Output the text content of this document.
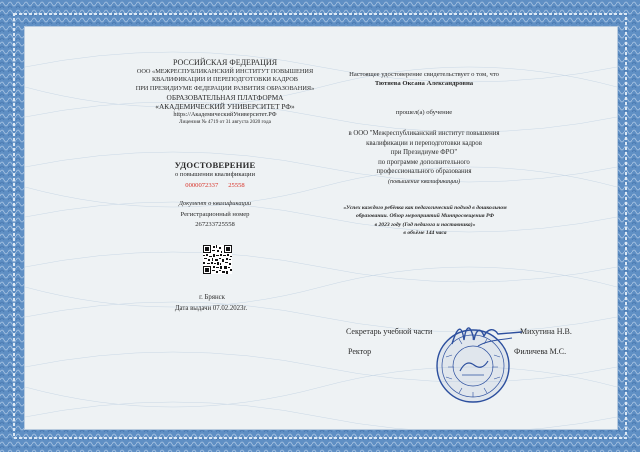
РОССИЙСКАЯ ФЕДЕРАЦИЯ
ООО «МЕЖРЕСПУБЛИКАНСКИЙ ИНСТИТУТ ПОВЫШЕНИЯ
КВАЛИФИКАЦИИ И ПЕРЕПОДГОТОВКИ КАДРОВ
ПРИ ПРЕЗИДИУМЕ ФЕДЕРАЦИИ РАЗВИТИЯ ОБРАЗОВАНИЯ»
ОБРАЗОВАТЕЛЬНАЯ ПЛАТФОРМА
«АКАДЕМИЧЕСКИЙ УНИВЕРСИТЕТ РФ»
https://АкадемическийУниверситет.РФ
Лицензия № 4719 от 31 августа 2020 года
УДОСТОВЕРЕНИЕ
о повышении квалификации
0000072337 25558
Документ о квалификации
Регистрационный номер
267233725558
г. Брянск
Дата выдачи 07.02.2023г.
Настоящее удостоверение свидетельствует о том, что
Тютяева Оксана Александровна
прошел(а) обучение
в ООО "Межреспубликанский институт повышения
квалификации и переподготовки кадров
при Президиуме ФРО"
по программе дополнительного
профессионального образования
(повышение квалификации)
«Успех каждого ребёнка как педагогический подход в дошкольном
образовании. Обзор мероприятий Минпросвещения РФ
в 2023 году (Год педагога и наставника)»
в объёме 144 часа
Секретарь учебной части	Михутина Н.В.
Ректор	Филичева М.С.
